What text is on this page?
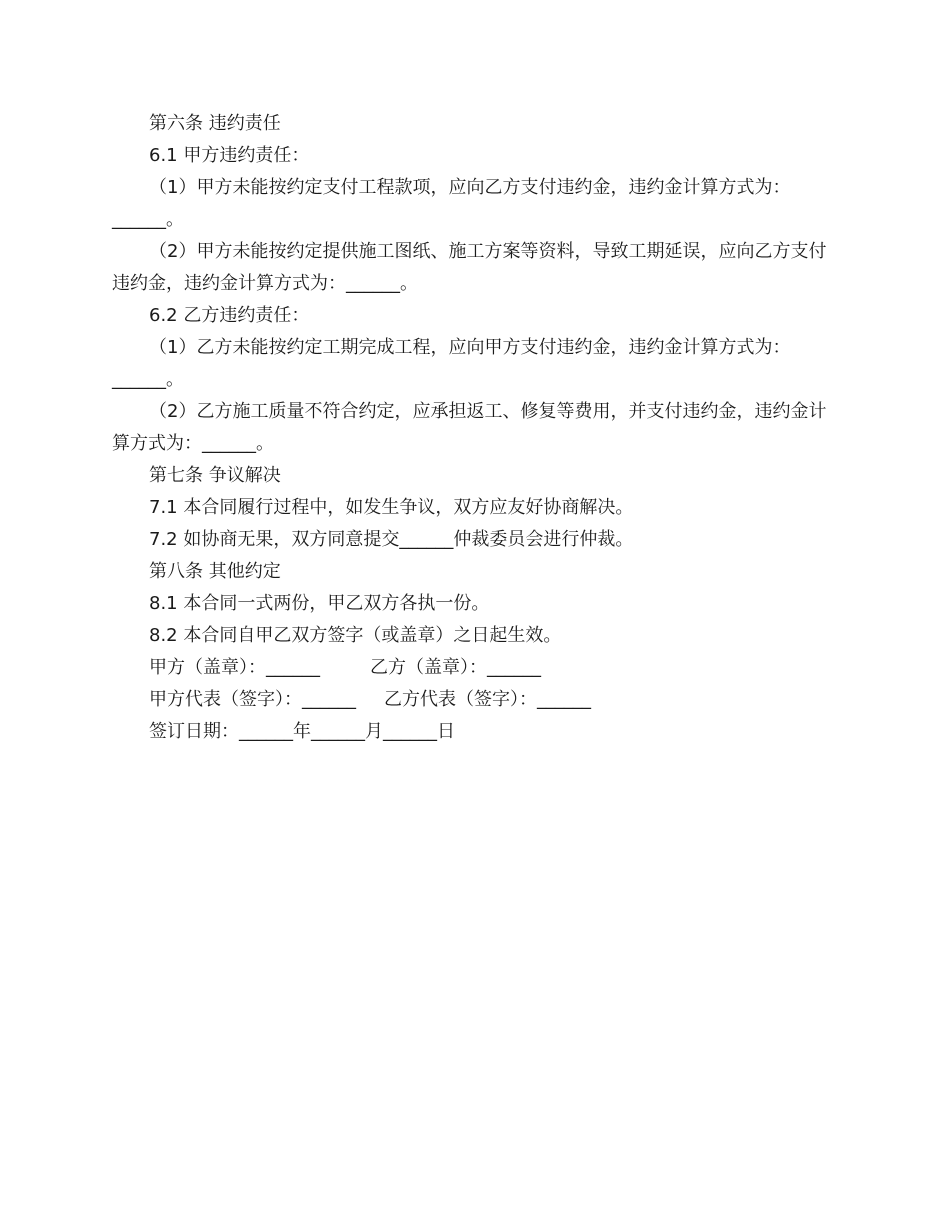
第六条 违约责任

6.1 甲方违约责任：

（1）甲方未能按约定支付工程款项，应向乙方支付违约金，违约金计算方式为：______。

（2）甲方未能按约定提供施工图纸、施工方案等资料，导致工期延误，应向乙方支付违约金，违约金计算方式为：______。

6.2 乙方违约责任：

（1）乙方未能按约定工期完成工程，应向甲方支付违约金，违约金计算方式为：______。

（2）乙方施工质量不符合约定，应承担返工、修复等费用，并支付违约金，违约金计算方式为：______。

第七条 争议解决

7.1 本合同履行过程中，如发生争议，双方应友好协商解决。

7.2 如协商无果，双方同意提交______仲裁委员会进行仲裁。

第八条 其他约定

8.1 本合同一式两份，甲乙双方各执一份。

8.2 本合同自甲乙双方签字（或盖章）之日起生效。

甲方（盖章）：______	乙方（盖章）：______

甲方代表（签字）：______ 乙方代表（签字）：______

签订日期：______年______月______日
